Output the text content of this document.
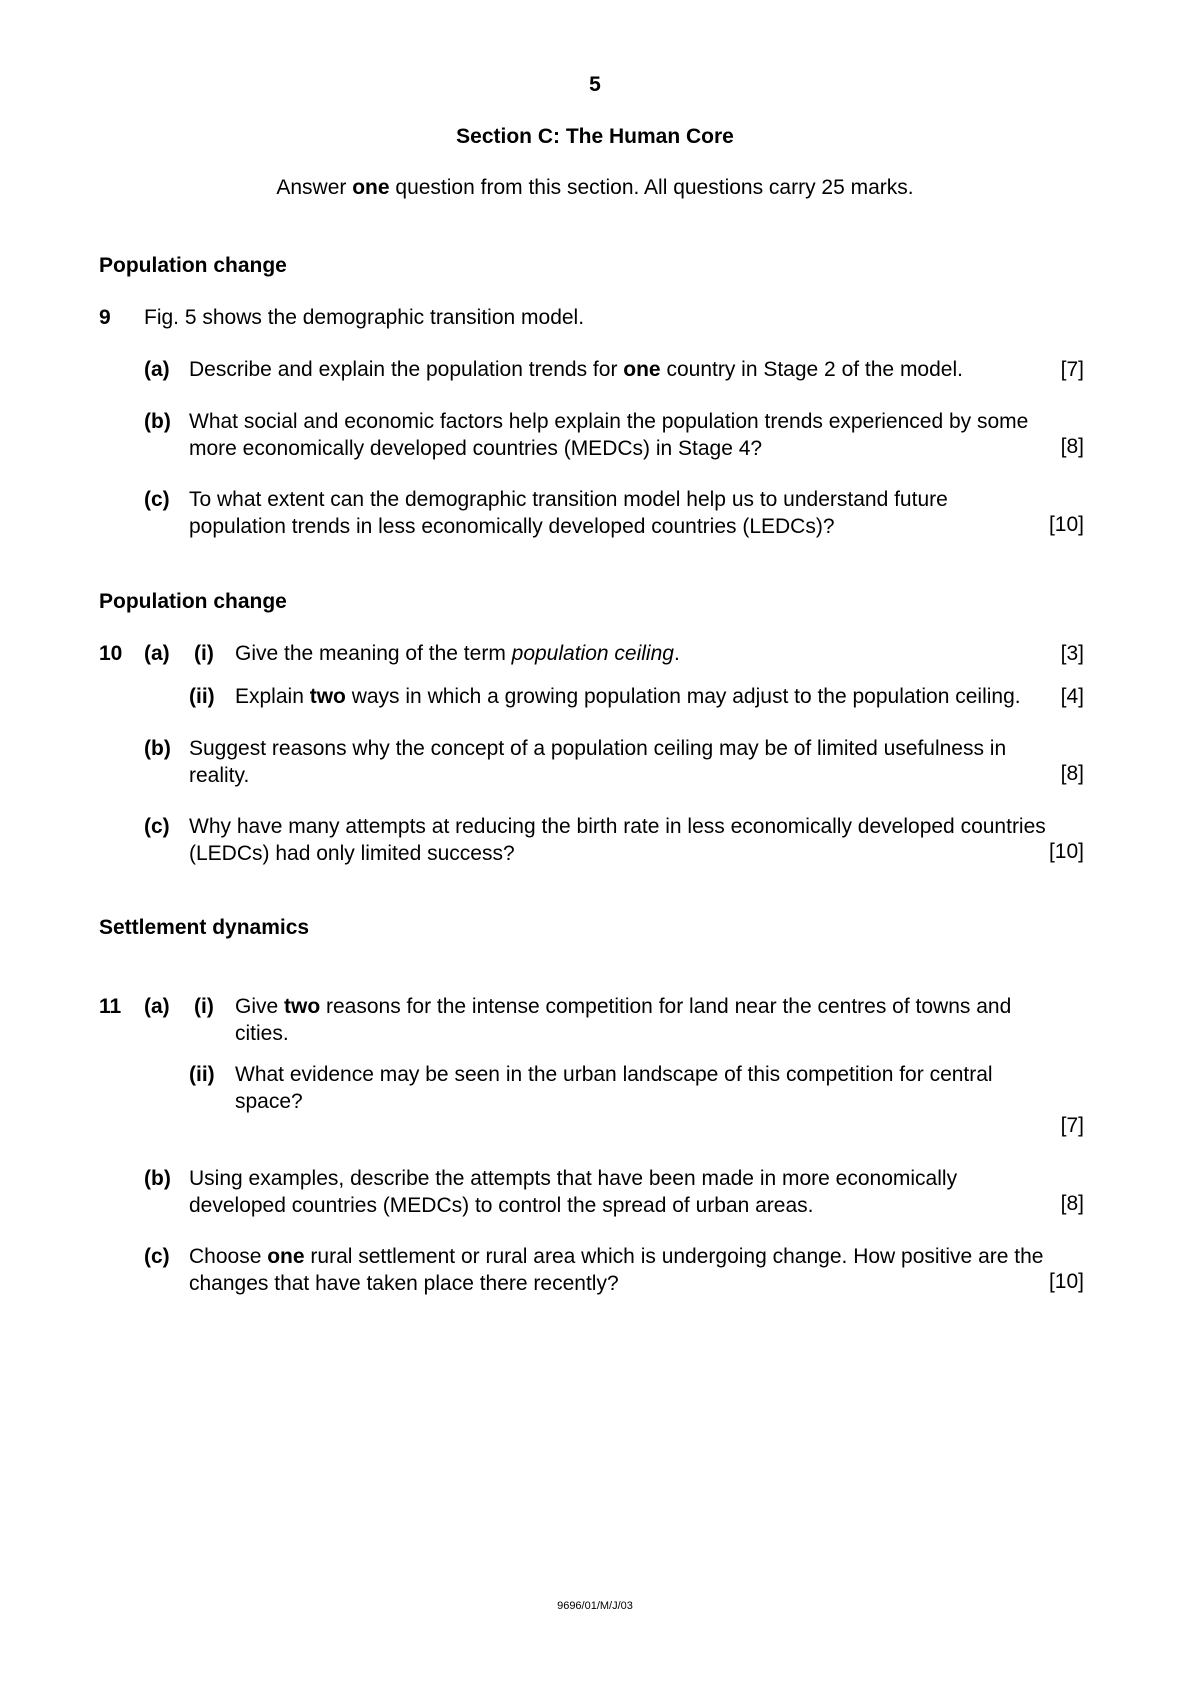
5
Section C: The Human Core
Answer one question from this section. All questions carry 25 marks.
Population change
9 Fig. 5 shows the demographic transition model.
(a) Describe and explain the population trends for one country in Stage 2 of the model.	[7]
(b) What social and economic factors help explain the population trends experienced by some
more economically developed countries (MEDCs) in Stage 4?	[8]
(c) To what extent can the demographic transition model help us to understand future
population trends in less economically developed countries (LEDCs)?	[10]
Population change
10 (a) (i) Give the meaning of the term population ceiling.	[3]
(ii) Explain two ways in which a growing population may adjust to the population ceiling. [4]
(b) Suggest reasons why the concept of a population ceiling may be of limited usefulness in
reality.	[8]
(c) Why have many attempts at reducing the birth rate in less economically developed countries
(LEDCs) had only limited success?	[10]
Settlement dynamics
11 (a) (i) Give two reasons for the intense competition for land near the centres of towns and
cities.
(ii) What evidence may be seen in the urban landscape of this competition for central
space?
[7]
(b) Using examples, describe the attempts that have been made in more economically
developed countries (MEDCs) to control the spread of urban areas.	[8]
(c) Choose one rural settlement or rural area which is undergoing change. How positive are the
changes that have taken place there recently?	[10]
9696/01/M/J/03
